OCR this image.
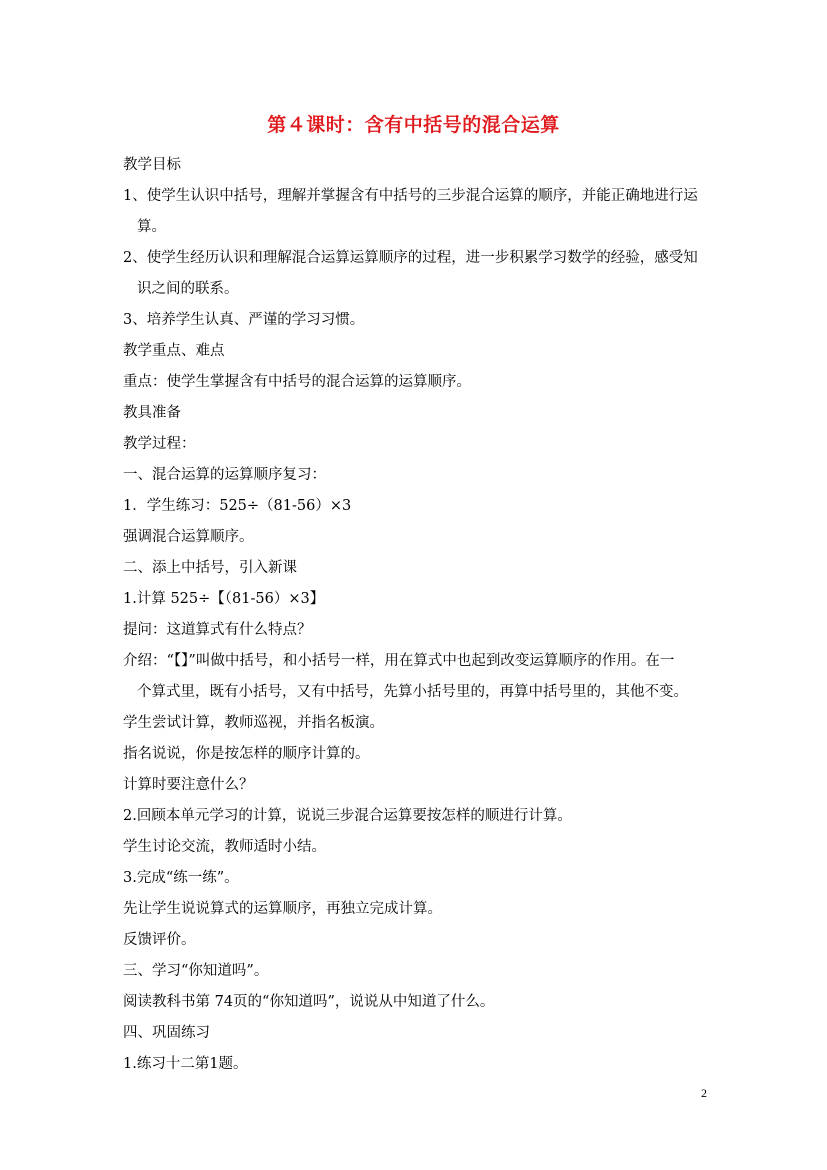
第４课时：含有中括号的混合运算
教学目标
1、使学生认识中括号，理解并掌握含有中括号的三步混合运算的顺序，并能正确地进行运
算。
2、使学生经历认识和理解混合运算运算顺序的过程，进一步积累学习数学的经验，感受知
识之间的联系。
3、培养学生认真、严谨的学习习惯。
教学重点、难点
重点：使学生掌握含有中括号的混合运算的运算顺序。
教具准备
教学过程：
一、混合运算的运算顺序复习：
1．学生练习：525÷（81-56）×3
强调混合运算顺序。
二、添上中括号，引入新课
1.计算 525÷【（81-56）×3】
提问：这道算式有什么特点？
介绍：“【】”叫做中括号，和小括号一样，用在算式中也起到改变运算顺序的作用。在一
个算式里，既有小括号，又有中括号，先算小括号里的，再算中括号里的，其他不变。
学生尝试计算，教师巡视，并指名板演。
指名说说，你是按怎样的顺序计算的。
计算时要注意什么？
2.回顾本单元学习的计算，说说三步混合运算要按怎样的顺进行计算。
学生讨论交流，教师适时小结。
3.完成“练一练”。
先让学生说说算式的运算顺序，再独立完成计算。
反馈评价。
三、学习“你知道吗”。
阅读教科书第 74页的“你知道吗”，说说从中知道了什么。
四、巩固练习
1.练习十二第1题。
2
